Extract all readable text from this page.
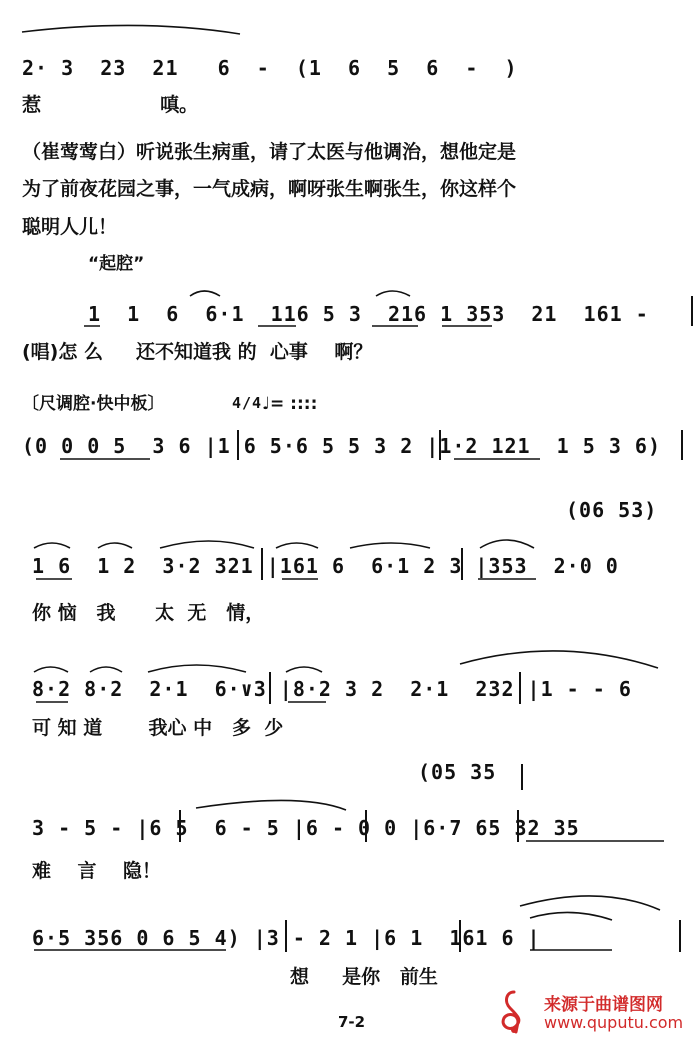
2· 3  23  21   6  -  (1  6  5  6  -  )
惹                  嗔。
（崔莺莺白）听说张生病重，请了太医与他调治，想他定是
为了前夜花园之事，一气成病，啊呀张生啊张生，你这样个
聪明人儿！
“起腔”
1  1  6  6·1  116 5 3  216 1 353  21  161 -
(唱)怎 么     还不知道我 的  心事    啊？
〔尺调腔·快中板〕	4/4 ♩= ::::
(0 0 0 5  3 6 |1 6 5·6 5 5 3 2 |1·2 121  1 5 3 6)
(06 53)
1 6  1 2  3·2 321 |161 6  6·1 2 3 |353  2·0 0
你 恼   我      太  无   情，
8·2 8·2  2·1  6·∨3 |8·2 3 2  2·1  232 |1 - - 6
可 知 道       我心 中   多  少
(05 35
3 - 5 - |6 5  6 - 5 |6 - 0 0 |6·7 65 32 35
难    言    隐！
6·5 356 0 6 5 4) |3 - 2 1 |6 1  161 6 |
想     是你   前生
7-2
来源于曲谱图网
www.qupu​tu.com
